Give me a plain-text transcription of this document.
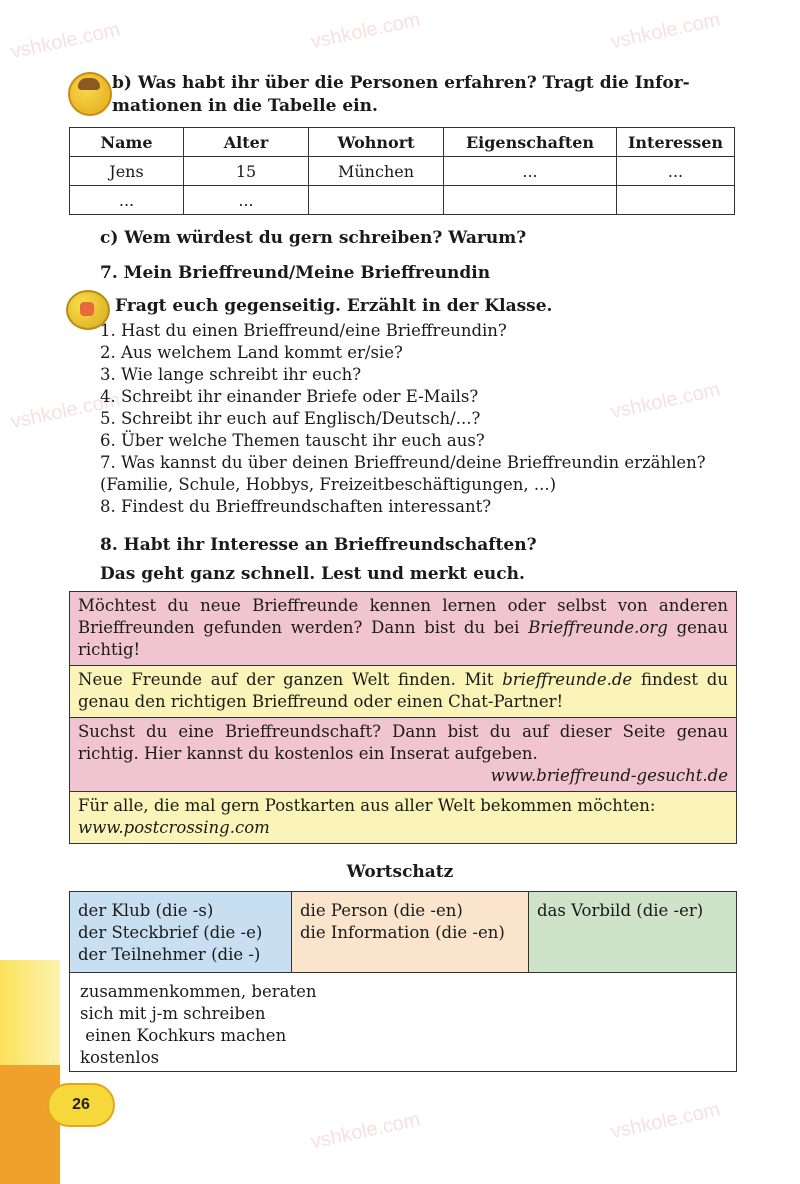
vshkole.com	vshkole.com	vshkole.com
vshkole.com	vshkole.com
vshkole.com	vshkole.com
b) Was habt ihr über die Personen erfahren? Tragt die Infor-
mationen in die Tabelle ein.
Name	Alter	Wohnort	Eigenschaften	Interessen
Jens	15	München	...	...
...	...			
c) Wem würdest du gern schreiben? Warum?
7. Mein Brieffreund/Meine Brieffreundin
Fragt euch gegenseitig. Erzählt in der Klasse.
1. Hast du einen Brieffreund/eine Brieffreundin?
2. Aus welchem Land kommt er/sie?
3. Wie lange schreibt ihr euch?
4. Schreibt ihr einander Briefe oder E-Mails?
5. Schreibt ihr euch auf Englisch/Deutsch/...?
6. Über welche Themen tauscht ihr euch aus?
7. Was kannst du über deinen Brieffreund/deine Brieffreundin erzählen?
(Familie, Schule, Hobbys, Freizeitbeschäftigungen, ...)
8. Findest du Brieffreundschaften interessant?
8. Habt ihr Interesse an Brieffreundschaften?
Das geht ganz schnell. Lest und merkt euch.
Möchtest du neue Brieffreunde kennen lernen oder selbst von anderen Brieffreunden gefunden werden? Dann bist du bei Brieffreunde.org genau richtig!
Neue Freunde auf der ganzen Welt finden. Mit brieffreunde.de findest du genau den richtigen Brieffreund oder einen Chat-Partner!
Suchst du eine Brieffreundschaft? Dann bist du auf dieser Seite genau richtig. Hier kannst du kostenlos ein Inserat aufgeben.
www.brieffreund-gesucht.de
Für alle, die mal gern Postkarten aus aller Welt bekommen möchten:
www.postcrossing.com
Wortschatz
der Klub (die -s)
der Steckbrief (die -e)
der Teilnehmer (die -)
die Person (die -en)
die Information (die -en)
das Vorbild (die -er)
zusammenkommen, beraten
sich mit j-m schreiben
einen Kochkurs machen
kostenlos
26
